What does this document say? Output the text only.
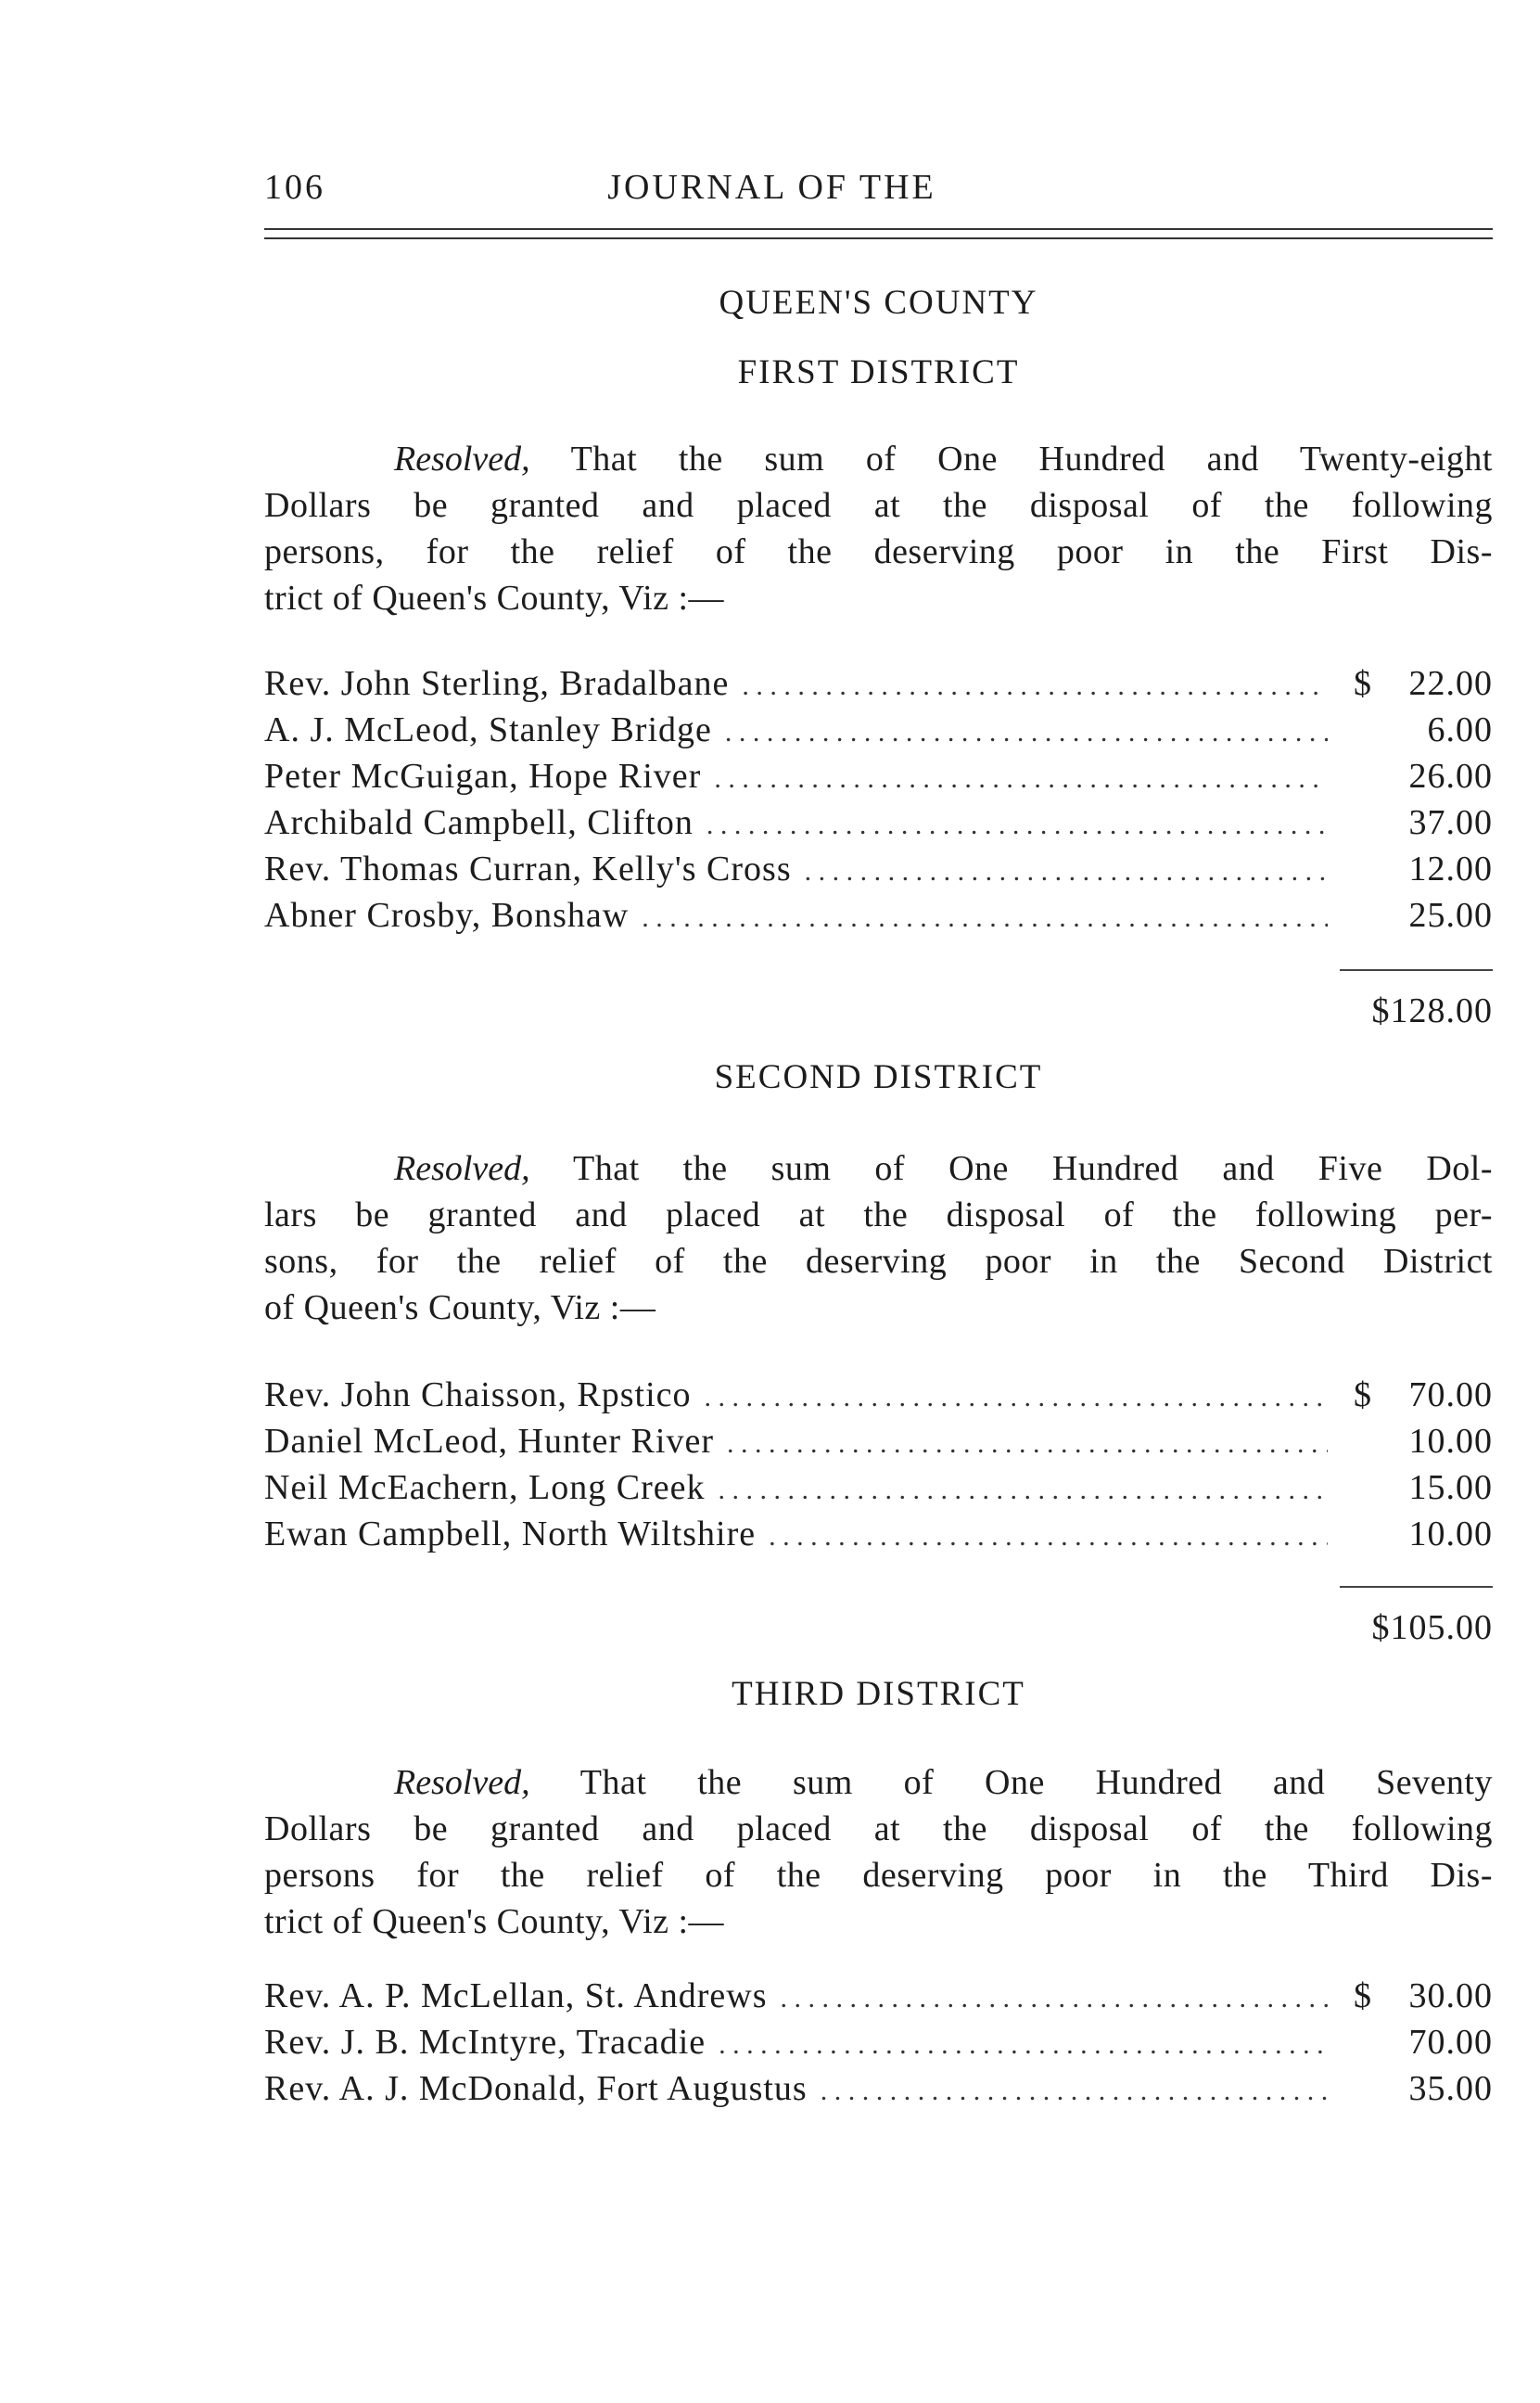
106	JOURNAL OF THE
QUEEN'S COUNTY
FIRST DISTRICT
Resolved, That the sum of One Hundred and Twenty-eight
Dollars be granted and placed at the disposal of the following
persons, for the relief of the deserving poor in the First Dis-
trict of Queen's County, Viz :—
Rev. John Sterling, Bradalbane . . .	$	22.00
A. J. McLeod, Stanley Bridge . . .	6.00
Peter McGuigan, Hope River . . .	26.00
Archibald Campbell, Clifton . . .	37.00
Rev. Thomas Curran, Kelly's Cross . . .	12.00
Abner Crosby, Bonshaw . . .	25.00
$128.00
SECOND DISTRICT
Resolved, That the sum of One Hundred and Five Dol-
lars be granted and placed at the disposal of the following per-
sons, for the relief of the deserving poor in the Second District
of Queen's County, Viz :—
Rev. John Chaisson, Rpstico . . .	$	70.00
Daniel McLeod, Hunter River . . .	10.00
Neil McEachern, Long Creek . . .	15.00
Ewan Campbell, North Wiltshire . . .	10.00
$105.00
THIRD DISTRICT
Resolved, That the sum of One Hundred and Seventy
Dollars be granted and placed at the disposal of the following
persons for the relief of the deserving poor in the Third Dis-
trict of Queen's County, Viz :—
Rev. A. P. McLellan, St. Andrews . . .	$	30.00
Rev. J. B. McIntyre, Tracadie . . .	70.00
Rev. A. J. McDonald, Fort Augustus . . .	35.00
